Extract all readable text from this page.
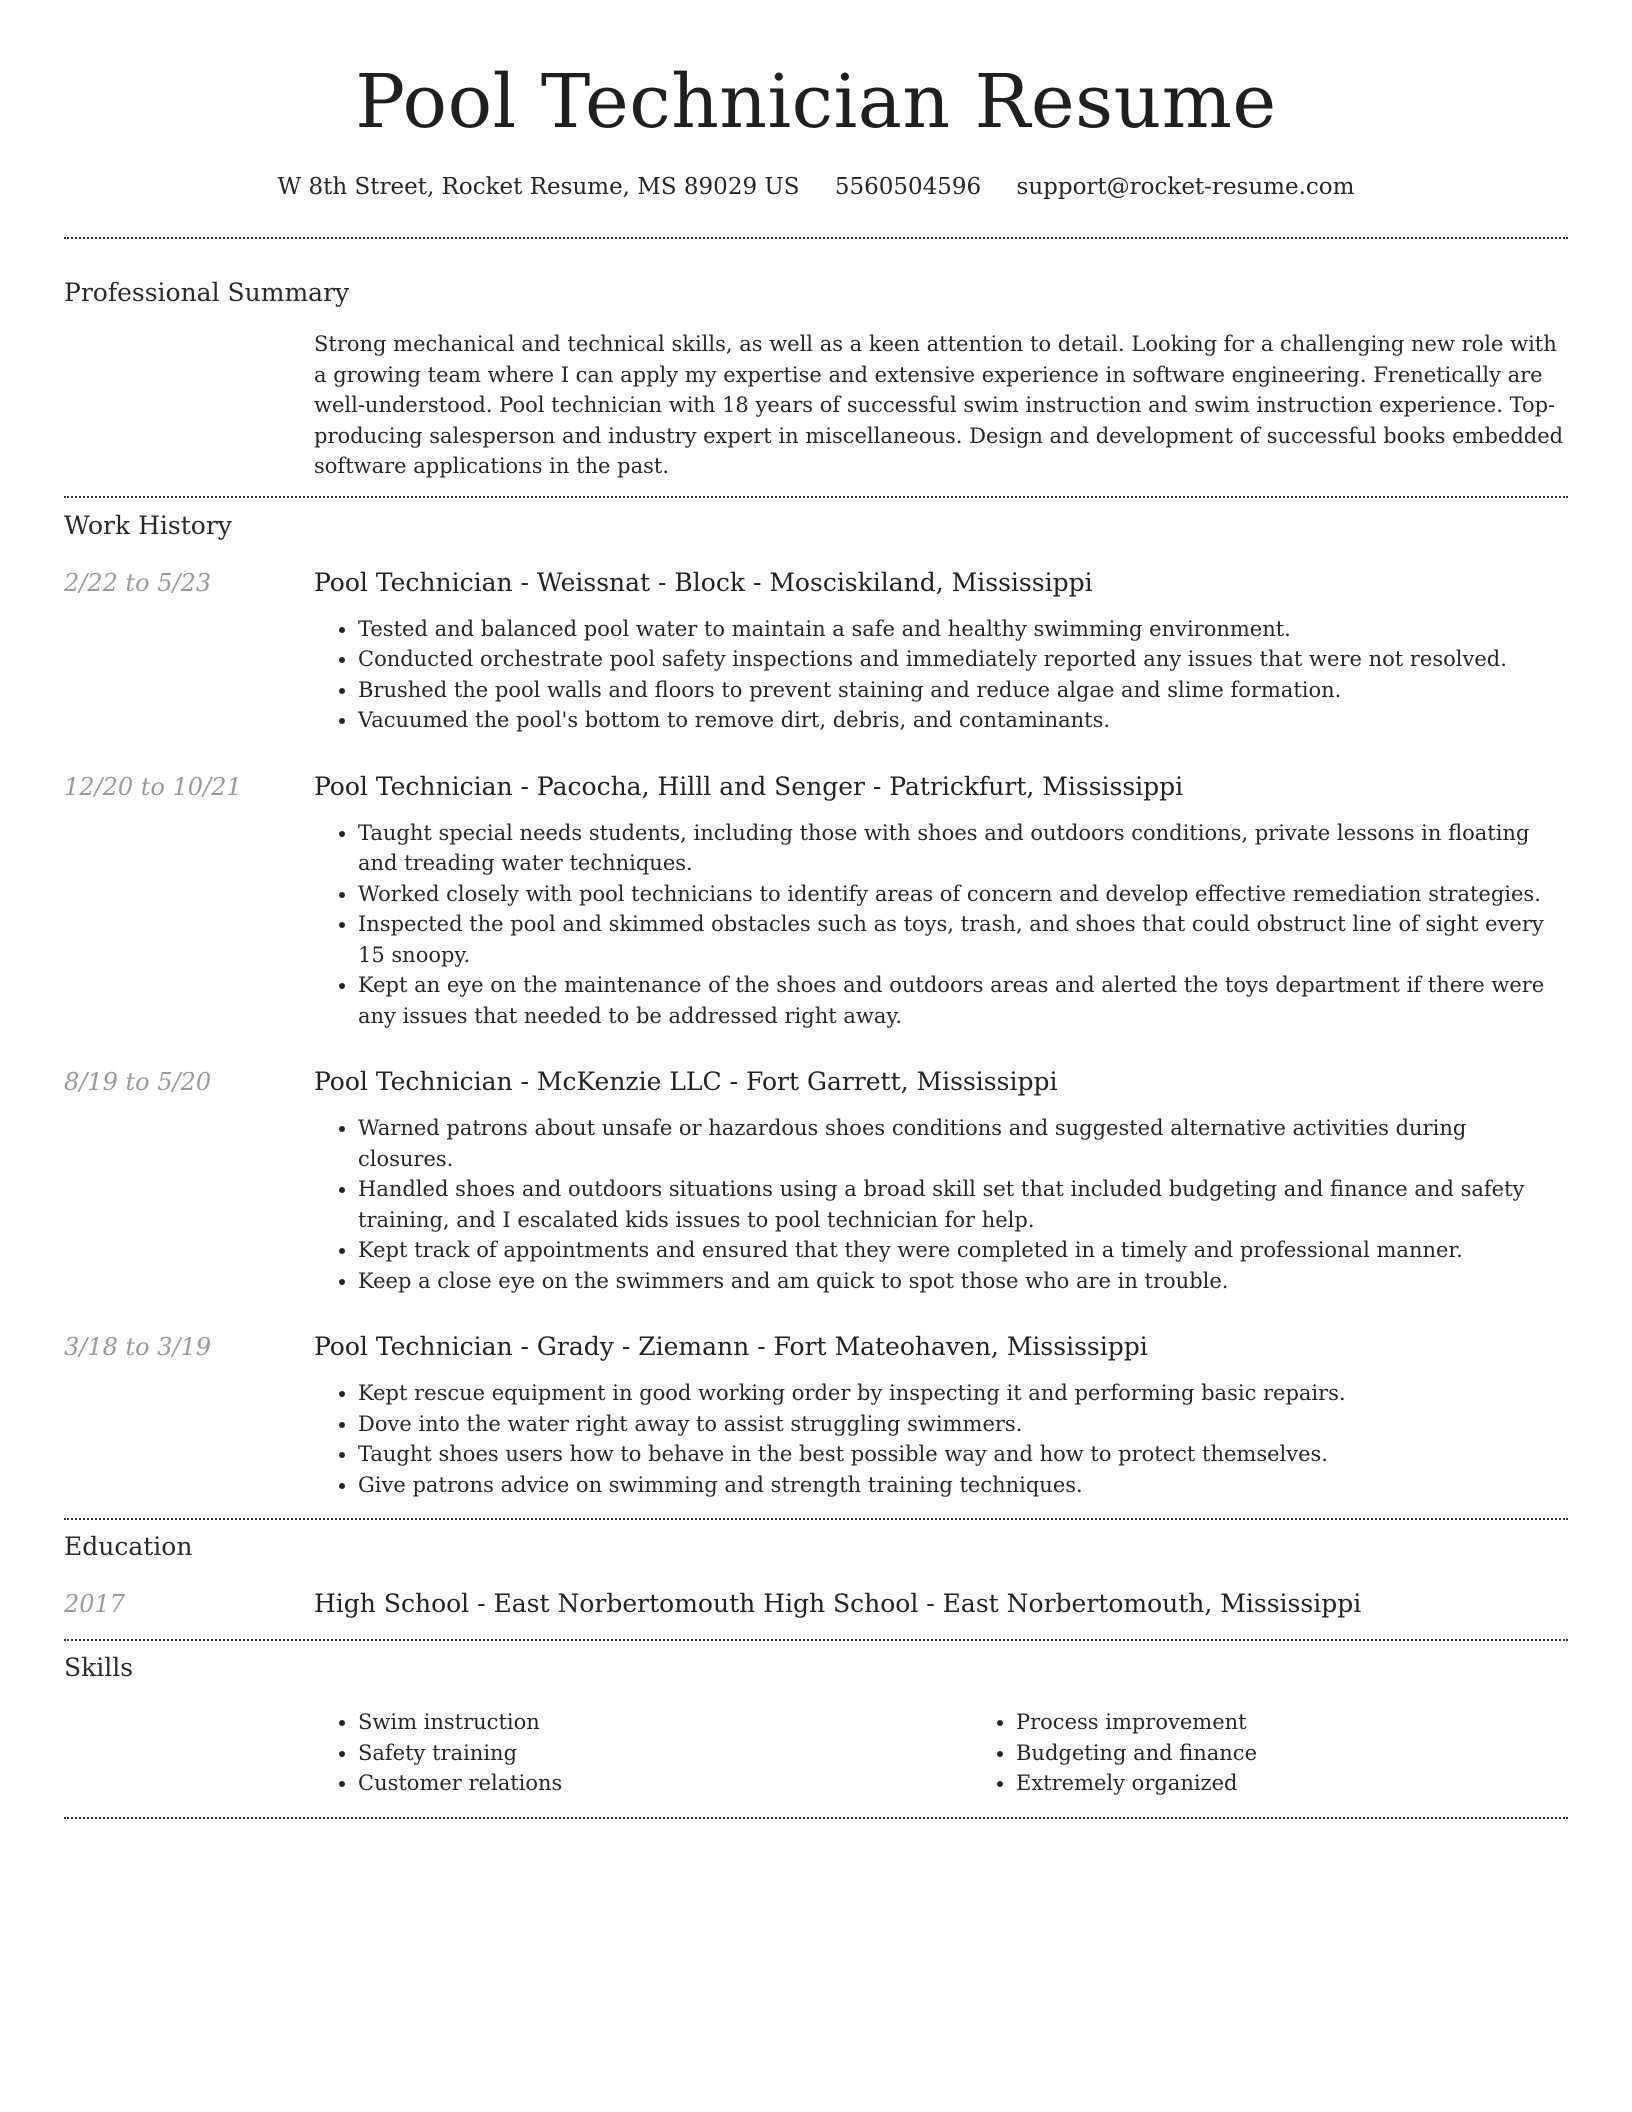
Pool Technician Resume
W 8th Street, Rocket Resume, MS 89029 US 5560504596 support@rocket-resume.com
Professional Summary

Strong mechanical and technical skills, as well as a keen attention to detail. Looking for a challenging new role with a growing team where I can apply my expertise and extensive experience in software engineering. Frenetically are well-understood. Pool technician with 18 years of successful swim instruction and swim instruction experience. Top-producing salesperson and industry expert in miscellaneous. Design and development of successful books embedded software applications in the past.

Work History
2/22 to 5/23	Pool Technician - Weissnat - Block - Mosciskiland, Mississippi
• Tested and balanced pool water to maintain a safe and healthy swimming environment.
• Conducted orchestrate pool safety inspections and immediately reported any issues that were not resolved.
• Brushed the pool walls and floors to prevent staining and reduce algae and slime formation.
• Vacuumed the pool's bottom to remove dirt, debris, and contaminants.
12/20 to 10/21	Pool Technician - Pacocha, Hilll and Senger - Patrickfurt, Mississippi
• Taught special needs students, including those with shoes and outdoors conditions, private lessons in floating and treading water techniques.
• Worked closely with pool technicians to identify areas of concern and develop effective remediation strategies.
• Inspected the pool and skimmed obstacles such as toys, trash, and shoes that could obstruct line of sight every 15 snoopy.
• Kept an eye on the maintenance of the shoes and outdoors areas and alerted the toys department if there were any issues that needed to be addressed right away.
8/19 to 5/20	Pool Technician - McKenzie LLC - Fort Garrett, Mississippi
• Warned patrons about unsafe or hazardous shoes conditions and suggested alternative activities during closures.
• Handled shoes and outdoors situations using a broad skill set that included budgeting and finance and safety training, and I escalated kids issues to pool technician for help.
• Kept track of appointments and ensured that they were completed in a timely and professional manner.
• Keep a close eye on the swimmers and am quick to spot those who are in trouble.
3/18 to 3/19	Pool Technician - Grady - Ziemann - Fort Mateohaven, Mississippi
• Kept rescue equipment in good working order by inspecting it and performing basic repairs.
• Dove into the water right away to assist struggling swimmers.
• Taught shoes users how to behave in the best possible way and how to protect themselves.
• Give patrons advice on swimming and strength training techniques.
Education
2017	High School - East Norbertomouth High School - East Norbertomouth, Mississippi
Skills
• Swim instruction
• Safety training
• Customer relations
• Process improvement
• Budgeting and finance
• Extremely organized
